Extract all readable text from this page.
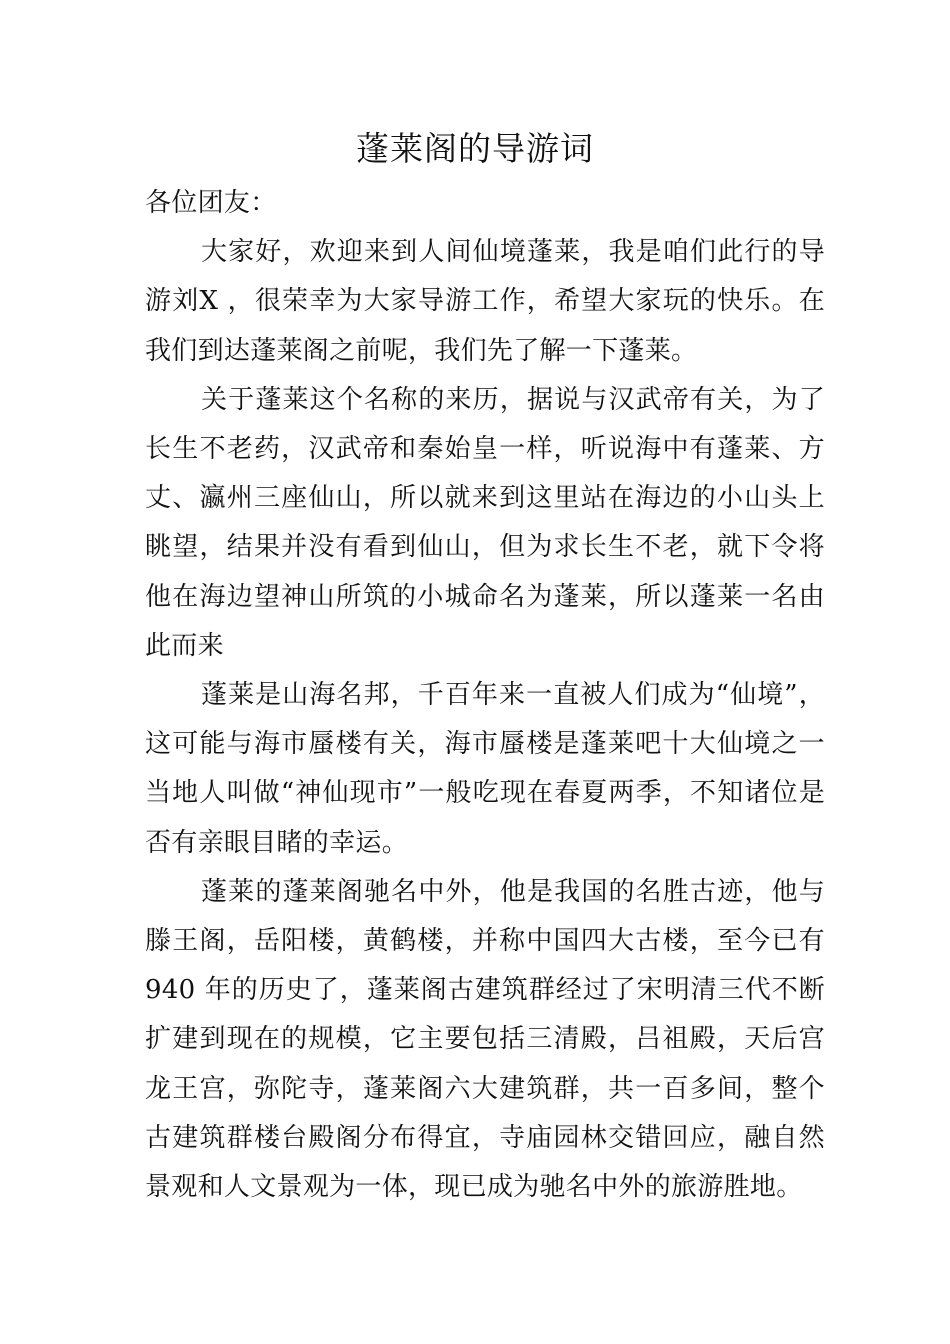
蓬莱阁的导游词

各位团友：

大家好，欢迎来到人间仙境蓬莱，我是咱们此行的导游刘X ，很荣幸为大家导游工作，希望大家玩的快乐。在我们到达蓬莱阁之前呢，我们先了解一下蓬莱。

关于蓬莱这个名称的来历，据说与汉武帝有关，为了长生不老药，汉武帝和秦始皇一样，听说海中有蓬莱、方丈、瀛州三座仙山，所以就来到这里站在海边的小山头上眺望，结果并没有看到仙山，但为求长生不老，就下令将他在海边望神山所筑的小城命名为蓬莱，所以蓬莱一名由此而来

蓬莱是山海名邦，千百年来一直被人们成为“仙境”，这可能与海市蜃楼有关，海市蜃楼是蓬莱吧十大仙境之一当地人叫做“神仙现市”一般吃现在春夏两季，不知诸位是否有亲眼目睹的幸运。

蓬莱的蓬莱阁驰名中外，他是我国的名胜古迹，他与滕王阁，岳阳楼，黄鹤楼，并称中国四大古楼，至今已有940 年的历史了，蓬莱阁古建筑群经过了宋明清三代不断扩建到现在的规模，它主要包括三清殿，吕祖殿，天后宫龙王宫，弥陀寺，蓬莱阁六大建筑群，共一百多间，整个古建筑群楼台殿阁分布得宜，寺庙园林交错回应，融自然景观和人文景观为一体，现已成为驰名中外的旅游胜地。
